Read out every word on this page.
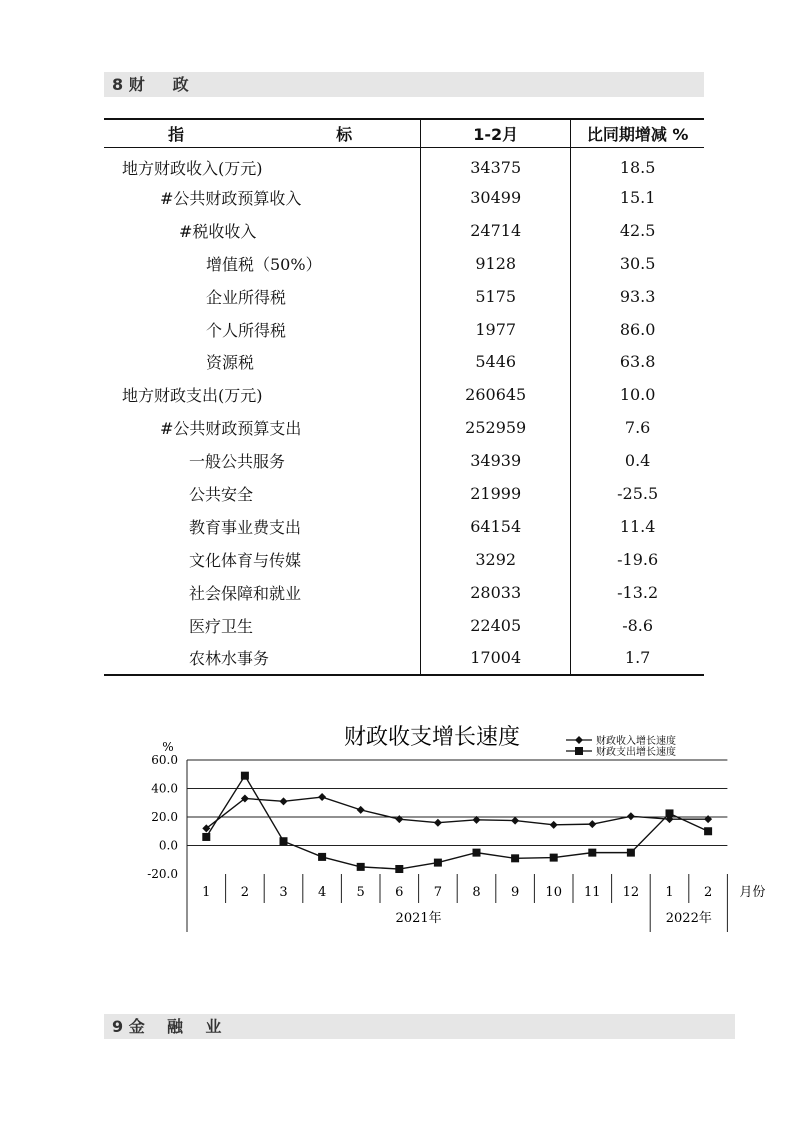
8 财 政
指 标	1-2月	比同期增减 %
地方财政收入(万元)	34375	18.5
#公共财政预算收入	30499	15.1
#税收收入	24714	42.5
增值税（50%）	9128	30.5
企业所得税	5175	93.3
个人所得税	1977	86.0
资源税	5446	63.8
地方财政支出(万元)	260645	10.0
#公共财政预算支出	252959	7.6
一般公共服务	34939	0.4
公共安全	21999	-25.5
教育事业费支出	64154	11.4
文化体育与传媒	3292	-19.6
社会保障和就业	28033	-13.2
医疗卫生	22405	-8.6
农林水事务	17004	1.7
财政收支增长速度
%
60.0
40.0
20.0
0.0
-20.0
1 2 3 4 5 6 7 8 9 10 11 12 1 2 月份
2021年	2022年
财政收入增长速度
财政支出增长速度
9 金 融 业
